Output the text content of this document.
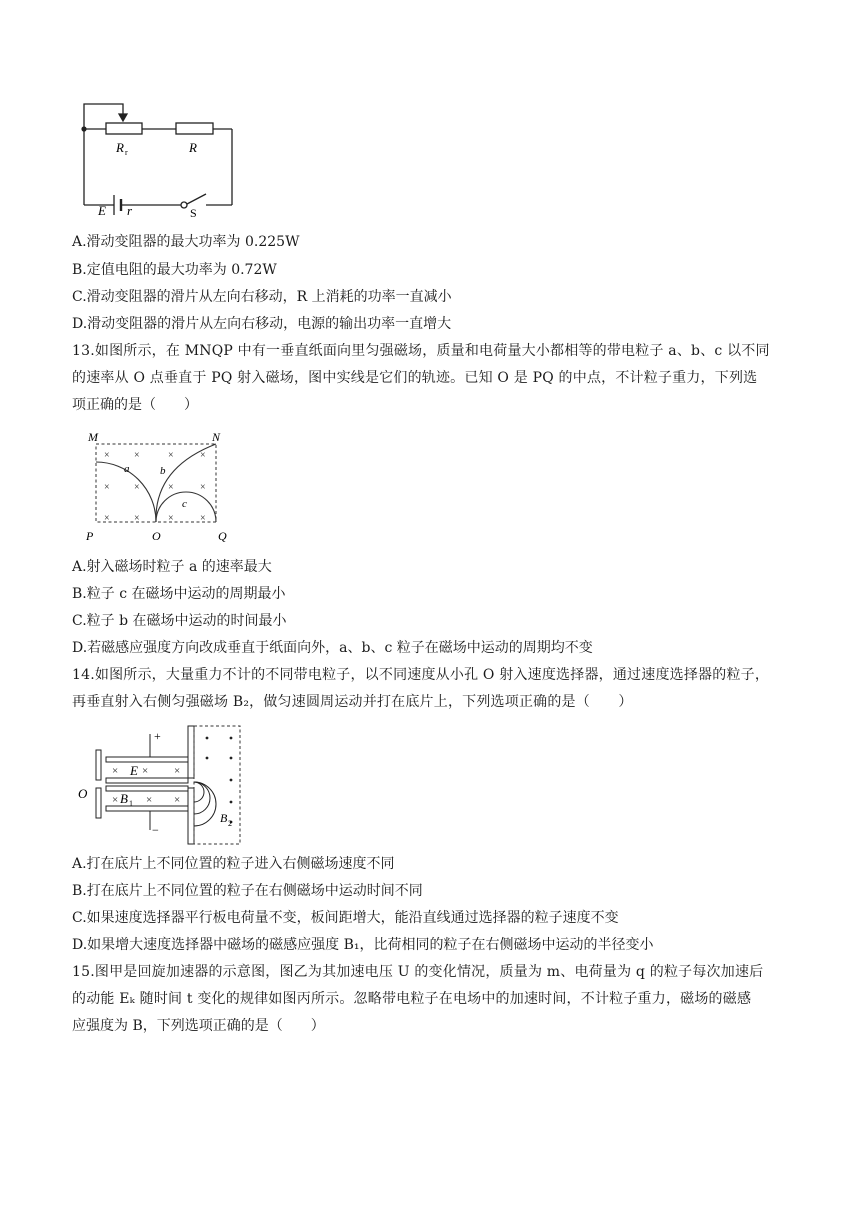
R r	R
E r	S
A.滑动变阻器的最大功率为 0.225W
B.定值电阻的最大功率为 0.72W
C.滑动变阻器的滑片从左向右移动，R 上消耗的功率一直减小
D.滑动变阻器的滑片从左向右移动，电源的输出功率一直增大
13.如图所示，在 MNQP 中有一垂直纸面向里匀强磁场，质量和电荷量大小都相等的带电粒子 a、b、c 以不同
的速率从 O 点垂直于 PQ 射入磁场，图中实线是它们的轨迹。已知 O 是 PQ 的中点，不计粒子重力，下列选
项正确的是（　　）
× ×	×	×
× ×	×	×
× ×	×	×
M	N
P	Q
O
a	b
c
A.射入磁场时粒子 a 的速率最大
B.粒子 c 在磁场中运动的周期最小
C.粒子 b 在磁场中运动的时间最小
D.若磁感应强度方向改成垂直于纸面向外，a、b、c 粒子在磁场中运动的周期均不变
14.如图所示，大量重力不计的不同带电粒子，以不同速度从小孔 O 射入速度选择器，通过速度选择器的粒子，
再垂直射入右侧匀强磁场 B₂，做匀速圆周运动并打在底片上，下列选项正确的是（　　）
+
−
× × ×
×	× ×
E
B 1
O
B 2
A.打在底片上不同位置的粒子进入右侧磁场速度不同
B.打在底片上不同位置的粒子在右侧磁场中运动时间不同
C.如果速度选择器平行板电荷量不变，板间距增大，能沿直线通过选择器的粒子速度不变
D.如果增大速度选择器中磁场的磁感应强度 B₁，比荷相同的粒子在右侧磁场中运动的半径变小
15.图甲是回旋加速器的示意图，图乙为其加速电压 U 的变化情况，质量为 m、电荷量为 q 的粒子每次加速后
的动能 Eₖ 随时间 t 变化的规律如图丙所示。忽略带电粒子在电场中的加速时间，不计粒子重力，磁场的磁感
应强度为 B，下列选项正确的是（　　）
